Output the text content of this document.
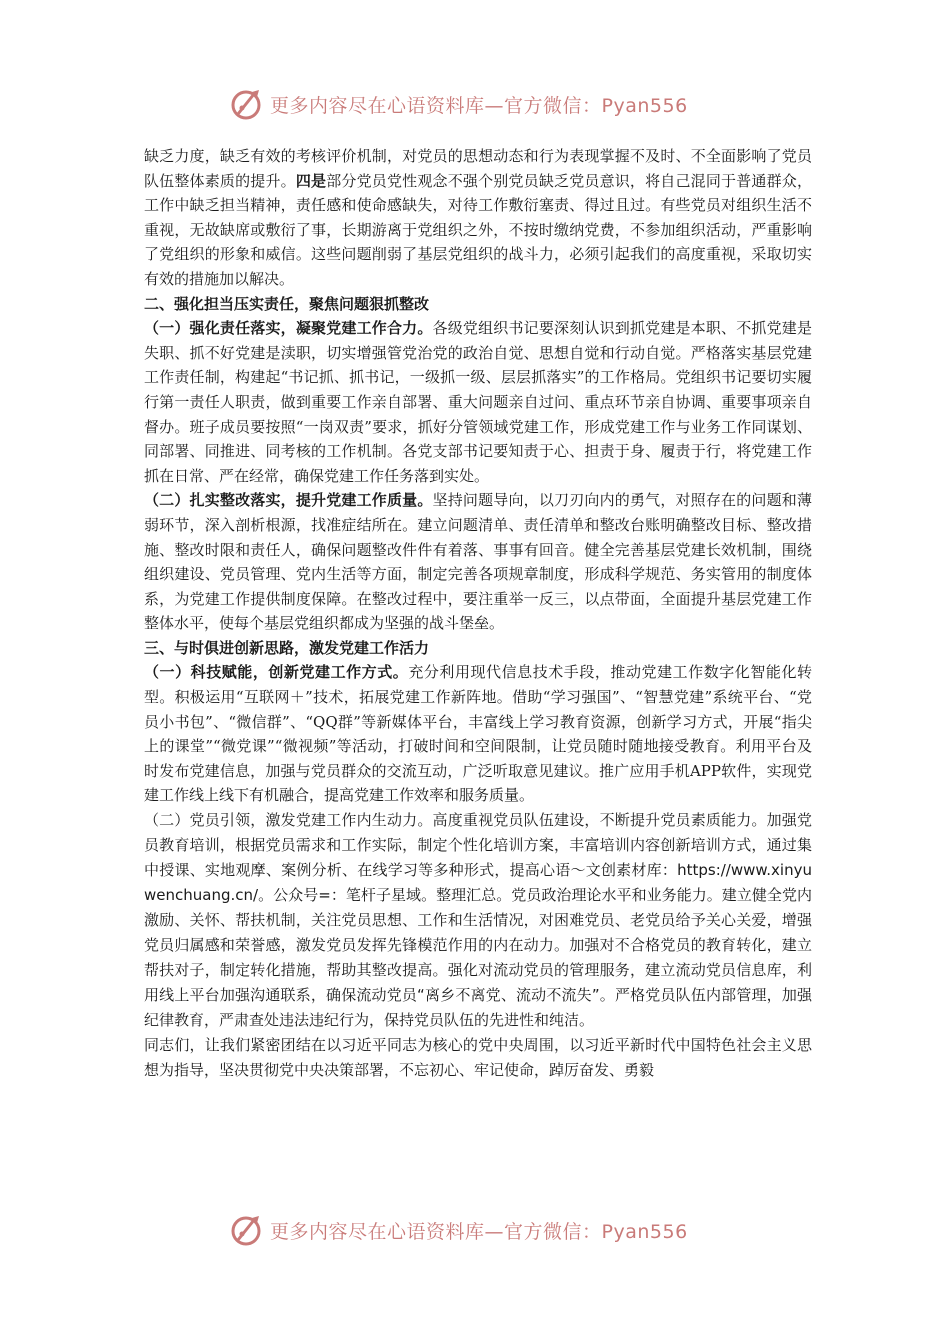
更多内容尽在心语资料库—官方微信：Pyan556

缺乏力度，缺乏有效的考核评价机制，对党员的思想动态和行为表现掌握不及时、不全面影响了党员队伍整体素质的提升。四是部分党员党性观念不强个别党员缺乏党员意识，将自己混同于普通群众，工作中缺乏担当精神，责任感和使命感缺失，对待工作敷衍塞责、得过且过。有些党员对组织生活不重视，无故缺席或敷衍了事，长期游离于党组织之外，不按时缴纳党费，不参加组织活动，严重影响了党组织的形象和威信。这些问题削弱了基层党组织的战斗力，必须引起我们的高度重视，采取切实有效的措施加以解决。

二、强化担当压实责任，聚焦问题狠抓整改

（一）强化责任落实，凝聚党建工作合力。各级党组织书记要深刻认识到抓党建是本职、不抓党建是失职、抓不好党建是渎职，切实增强管党治党的政治自觉、思想自觉和行动自觉。严格落实基层党建工作责任制，构建起“书记抓、抓书记，一级抓一级、层层抓落实”的工作格局。党组织书记要切实履行第一责任人职责，做到重要工作亲自部署、重大问题亲自过问、重点环节亲自协调、重要事项亲自督办。班子成员要按照“一岗双责”要求，抓好分管领域党建工作，形成党建工作与业务工作同谋划、同部署、同推进、同考核的工作机制。各党支部书记要知责于心、担责于身、履责于行，将党建工作抓在日常、严在经常，确保党建工作任务落到实处。

（二）扎实整改落实，提升党建工作质量。坚持问题导向，以刀刃向内的勇气，对照存在的问题和薄弱环节，深入剖析根源，找准症结所在。建立问题清单、责任清单和整改台账明确整改目标、整改措施、整改时限和责任人，确保问题整改件件有着落、事事有回音。健全完善基层党建长效机制，围绕组织建设、党员管理、党内生活等方面，制定完善各项规章制度，形成科学规范、务实管用的制度体系，为党建工作提供制度保障。在整改过程中，要注重举一反三，以点带面，全面提升基层党建工作整体水平，使每个基层党组织都成为坚强的战斗堡垒。

三、与时俱进创新思路，激发党建工作活力

（一）科技赋能，创新党建工作方式。充分利用现代信息技术手段，推动党建工作数字化智能化转型。积极运用“互联网＋”技术，拓展党建工作新阵地。借助“学习强国”、“智慧党建”系统平台、“党员小书包”、“微信群”、“QQ群”等新媒体平台，丰富线上学习教育资源，创新学习方式，开展“指尖上的课堂”“微党课”“微视频”等活动，打破时间和空间限制，让党员随时随地接受教育。利用平台及时发布党建信息，加强与党员群众的交流互动，广泛听取意见建议。推广应用手机APP软件，实现党建工作线上线下有机融合，提高党建工作效率和服务质量。

（二）党员引领，激发党建工作内生动力。高度重视党员队伍建设，不断提升党员素质能力。加强党员教育培训，根据党员需求和工作实际，制定个性化培训方案，丰富培训内容创新培训方式，通过集中授课、实地观摩、案例分析、在线学习等多种形式，提高心语～文创素材库：https://www.xinyuwenchuang.cn/。公众号=：笔杆子星域。整理汇总。党员政治理论水平和业务能力。建立健全党内激励、关怀、帮扶机制，关注党员思想、工作和生活情况，对困难党员、老党员给予关心关爱，增强党员归属感和荣誉感，激发党员发挥先锋模范作用的内在动力。加强对不合格党员的教育转化，建立帮扶对子，制定转化措施，帮助其整改提高。强化对流动党员的管理服务，建立流动党员信息库，利用线上平台加强沟通联系，确保流动党员“离乡不离党、流动不流失”。严格党员队伍内部管理，加强纪律教育，严肃查处违法违纪行为，保持党员队伍的先进性和纯洁。

同志们，让我们紧密团结在以习近平同志为核心的党中央周围，以习近平新时代中国特色社会主义思想为指导，坚决贯彻党中央决策部署，不忘初心、牢记使命，踔厉奋发、勇毅

更多内容尽在心语资料库—官方微信：Pyan556
